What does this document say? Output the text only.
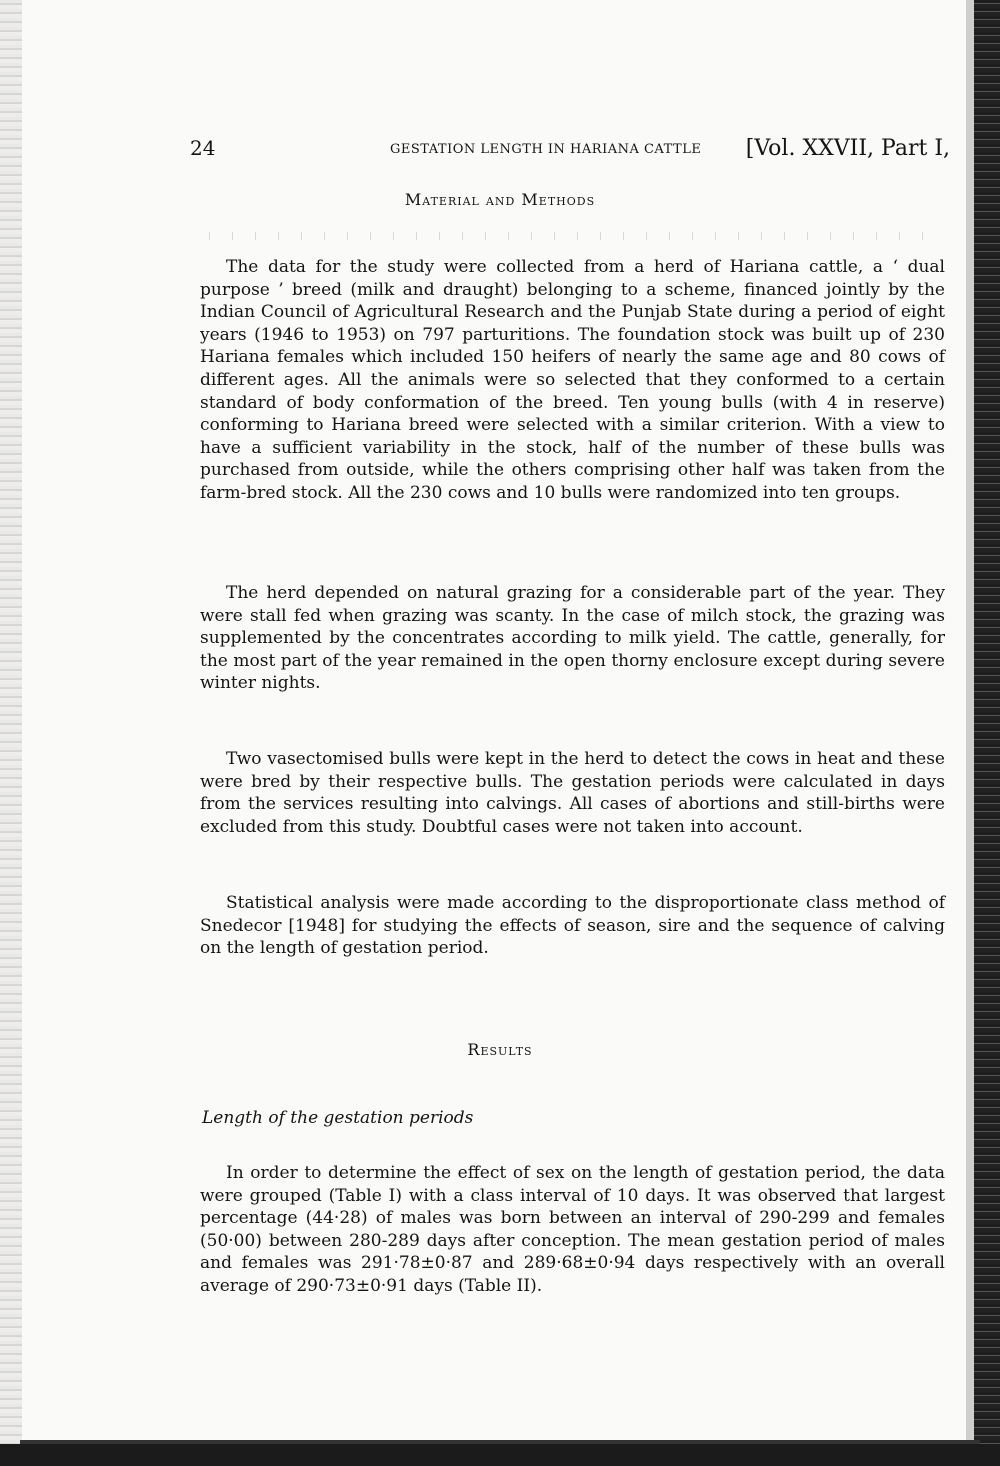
24	GESTATION LENGTH IN HARIANA CATTLE [Vol. XXVII, Part I,
Material and Methods

The data for the study were collected from a herd of Hariana cattle, a ‘ dual purpose ’ breed (milk and draught) belonging to a scheme, financed jointly by the Indian Council of Agricultural Research and the Punjab State during a period of eight years (1946 to 1953) on 797 parturitions. The foundation stock was built up of 230 Hariana females which included 150 heifers of nearly the same age and 80 cows of different ages. All the animals were so selected that they conformed to a certain standard of body conformation of the breed. Ten young bulls (with 4 in reserve) conforming to Hariana breed were selected with a similar criterion. With a view to have a sufficient variability in the stock, half of the number of these bulls was purchased from outside, while the others comprising other half was taken from the farm-bred stock. All the 230 cows and 10 bulls were randomized into ten groups.

The herd depended on natural grazing for a considerable part of the year. They were stall fed when grazing was scanty. In the case of milch stock, the grazing was supplemented by the concentrates according to milk yield. The cattle, generally, for the most part of the year remained in the open thorny enclosure except during severe winter nights.

Two vasectomised bulls were kept in the herd to detect the cows in heat and these were bred by their respective bulls. The gestation periods were calculated in days from the services resulting into calvings. All cases of abortions and still-births were excluded from this study. Doubtful cases were not taken into account.

Statistical analysis were made according to the disproportionate class method of Snedecor [1948] for studying the effects of season, sire and the sequence of calving on the length of gestation period.

Results
Length of the gestation periods

In order to determine the effect of sex on the length of gestation period, the data were grouped (Table I) with a class interval of 10 days. It was observed that largest percentage (44·28) of males was born between an interval of 290-299 and females (50·00) between 280-289 days after conception. The mean gestation period of males and females was 291·78±0·87 and 289·68±0·94 days respectively with an overall average of 290·73±0·91 days (Table II).
